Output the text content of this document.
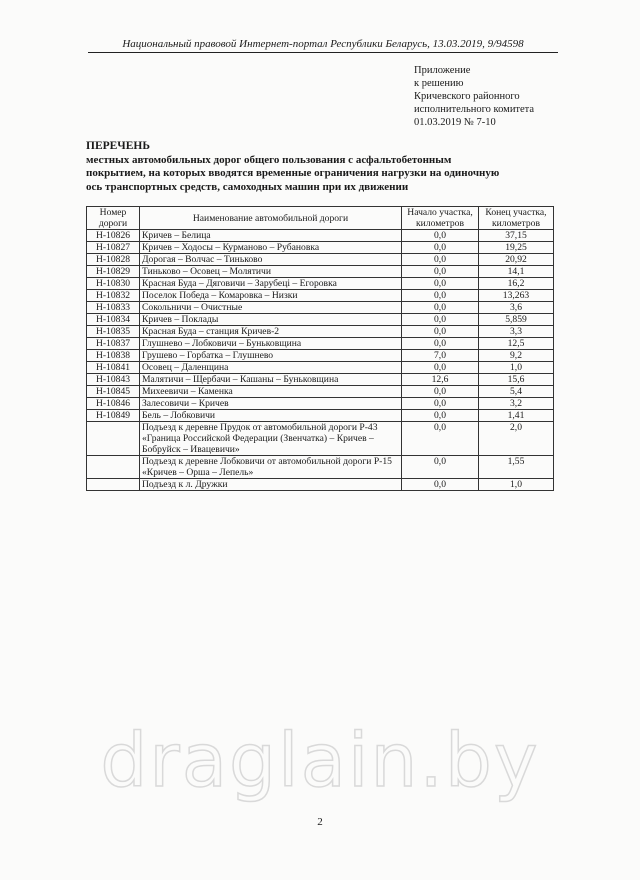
Национальный правовой Интернет-портал Республики Беларусь, 13.03.2019, 9/94598
Приложение
к решению
Кричевского районного
исполнительного комитета
01.03.2019 № 7-10
ПЕРЕЧЕНЬ
местных автомобильных дорог общего пользования с асфальтобетонным
покрытием, на которых вводятся временные ограничения нагрузки на одиночную
ось транспортных средств, самоходных машин при их движении
Номер дороги	Наименование автомобильной дороги	Начало участка, километров	Конец участка, километров
Н-10826	Кричев – Белица	0,0	37,15
Н-10827	Кричев – Ходосы – Курманово – Рубановка	0,0	19,25
Н-10828	Дорогая – Волчас – Тиньково	0,0	20,92
Н-10829	Тиньково – Осовец – Молятичи	0,0	14,1
Н-10830	Красная Буда – Дяговичи – Зарубеці – Егоровка	0,0	16,2
Н-10832	Поселок Победа – Комаровка – Низки	0,0	13,263
Н-10833	Сокольничи – Очистные	0,0	3,6
Н-10834	Кричев – Поклады	0,0	5,859
Н-10835	Красная Буда – станция Кричев-2	0,0	3,3
Н-10837	Глушнево – Лобковичи – Буньковщина	0,0	12,5
Н-10838	Грушево – Горбатка – Глушнево	7,0	9,2
Н-10841	Осовец – Даленщина	0,0	1,0
Н-10843	Малятичи – Щербачи – Кашаны – Буньковщина	12,6	15,6
Н-10845	Михеевичи – Каменка	0,0	5,4
Н-10846	Залесовичи – Кричев	0,0	3,2
Н-10849	Бель – Лобковичи	0,0	1,41
	Подъезд к деревне Прудок от автомобильной дороги Р-43 «Граница Российской Федерации (Звенчатка) – Кричев – Бобруйск – Ивацевичи»	0,0	2,0
	Подъезд к деревне Лобковичи от автомобильной дороги Р-15 «Кричев – Орша – Лепель»	0,0	1,55
	Подъезд к л. Дружки	0,0	1,0
draglain.by
2
